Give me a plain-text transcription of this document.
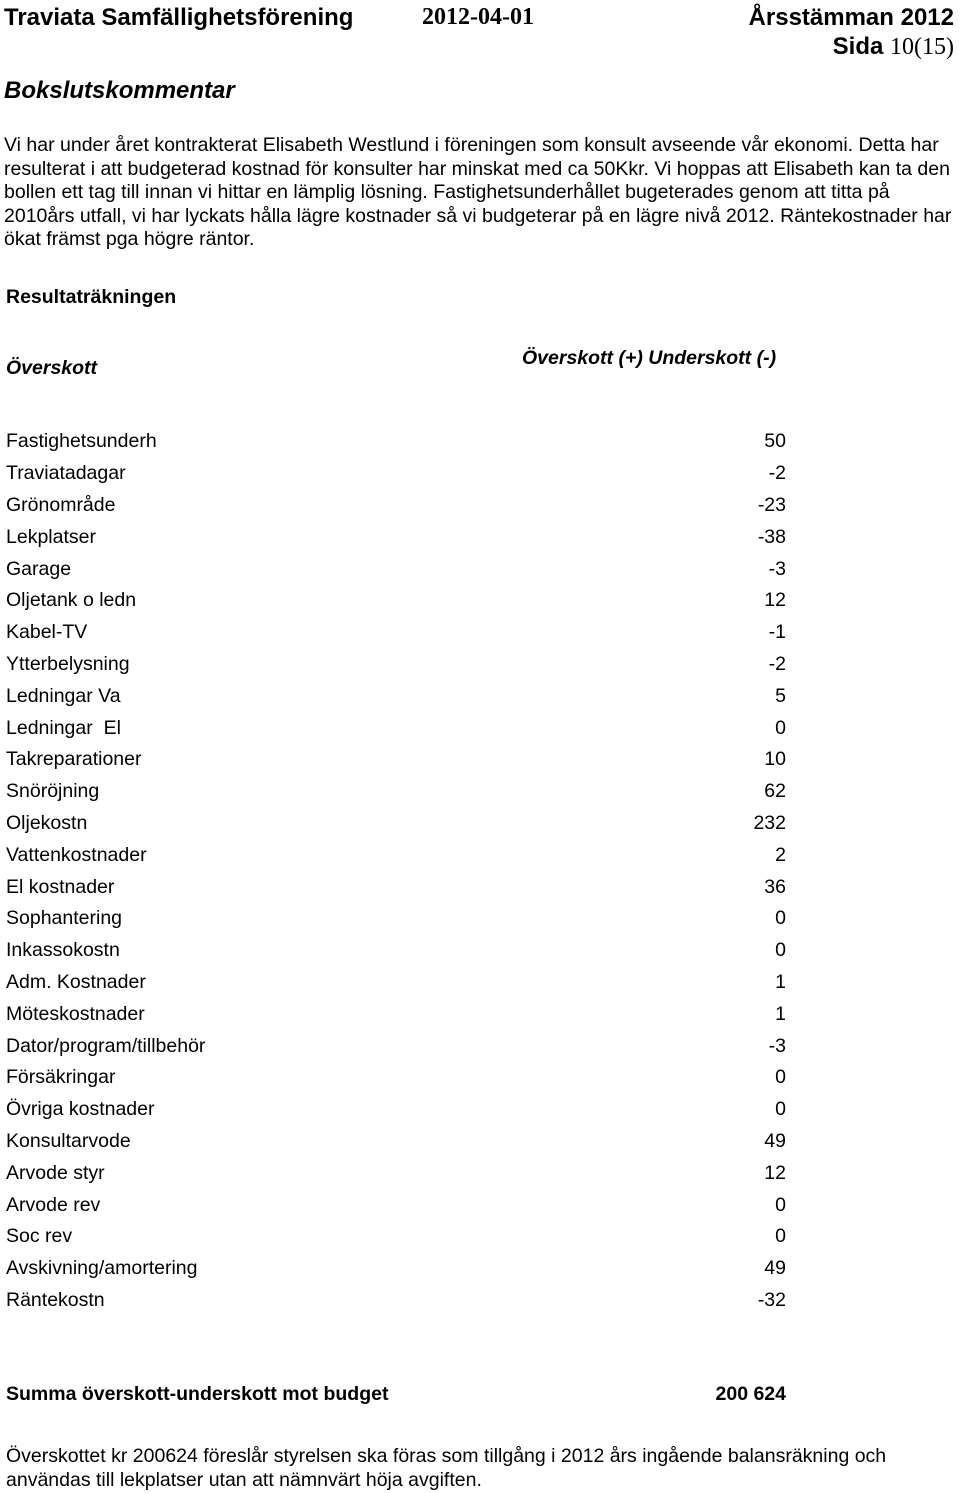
Traviata Samfällighetsförening	2012-04-01	Årsstämman 2012
Sida 10(15)
Bokslutskommentar
Vi har under året kontrakterat Elisabeth Westlund i föreningen som konsult avseende vår ekonomi. Detta har resulterat i att budgeterad kostnad för konsulter har minskat med ca 50Kkr. Vi hoppas att Elisabeth kan ta den bollen ett tag till innan vi hittar en lämplig lösning. Fastighetsunderhållet bugeterades genom att titta på 2010års utfall, vi har lyckats hålla lägre kostnader så vi budgeterar på en lägre nivå 2012. Räntekostnader har ökat främst pga högre räntor.
Resultaträkningen
Överskott	Överskott (+) Underskott (-)
Fastighetsunderh	50
Traviatadagar	-2
Grönområde	-23
Lekplatser	-38
Garage	-3
Oljetank o ledn	12
Kabel-TV	-1
Ytterbelysning	-2
Ledningar Va	5
Ledningar  El	0
Takreparationer	10
Snöröjning	62
Oljekostn	232
Vattenkostnader	2
El kostnader	36
Sophantering	0
Inkassokostn	0
Adm. Kostnader	1
Möteskostnader	1
Dator/program/tillbehör	-3
Försäkringar	0
Övriga kostnader	0
Konsultarvode	49
Arvode styr	12
Arvode rev	0
Soc rev	0
Avskivning/amortering	49
Räntekostn	-32
Summa överskott-underskott mot budget	200 624
Överskottet kr 200624 föreslår styrelsen ska föras som tillgång i 2012 års ingående balansräkning och användas till lekplatser utan att nämnvärt höja avgiften.
